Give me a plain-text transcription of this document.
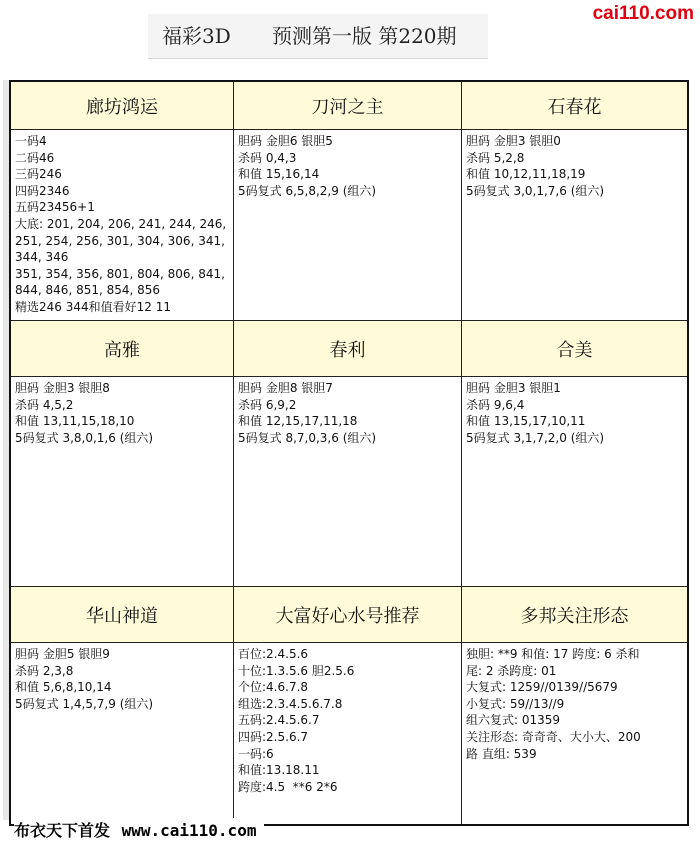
cai110.com
福彩3D 预测第一版 第220期
廊坊鸿运
一码4
二码46
三码246
四码2346
五码23456+1
大底: 201, 204, 206, 241, 244, 246,
251, 254, 256, 301, 304, 306, 341,
344, 346
351, 354, 356, 801, 804, 806, 841,
844, 846, 851, 854, 856
精选246 344和值看好12 11
刀河之主
胆码 金胆6 银胆5
杀码 0,4,3
和值 15,16,14
5码复式 6,5,8,2,9 (组六)
石春花
胆码 金胆3 银胆0
杀码 5,2,8
和值 10,12,11,18,19
5码复式 3,0,1,7,6 (组六)
高雅
胆码 金胆3 银胆8
杀码 4,5,2
和值 13,11,15,18,10
5码复式 3,8,0,1,6 (组六)
春利
胆码 金胆8 银胆7
杀码 6,9,2
和值 12,15,17,11,18
5码复式 8,7,0,3,6 (组六)
合美
胆码 金胆3 银胆1
杀码 9,6,4
和值 13,15,17,10,11
5码复式 3,1,7,2,0 (组六)
华山神道
胆码 金胆5 银胆9
杀码 2,3,8
和值 5,6,8,10,14
5码复式 1,4,5,7,9 (组六)
大富好心水号推荐
百位:2.4.5.6
十位:1.3.5.6 胆2.5.6
个位:4.6.7.8
组选:2.3.4.5.6.7.8
五码:2.4.5.6.7
四码:2.5.6.7
一码:6
和值:13.18.11
跨度:4.5  **6 2*6
多邦关注形态
独胆: **9 和值: 17 跨度: 6 杀和
尾: 2 杀跨度: 01
大复式: 1259//0139//5679
小复式: 59//13//9
组六复式: 01359
关注形态: 奇奇奇、大小大、200
路 直组: 539
布衣天下首发 www.cai110.com
